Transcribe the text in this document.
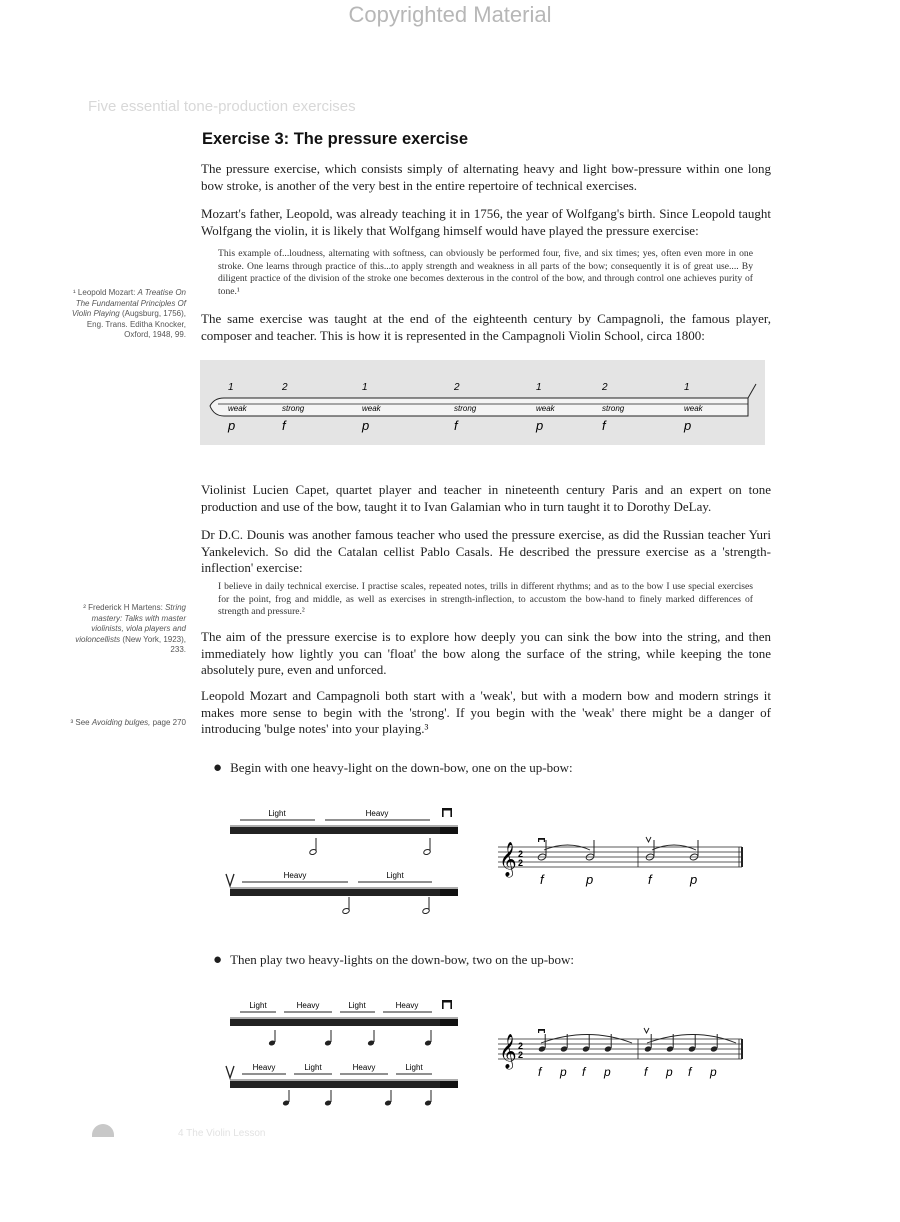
Copyrighted Material
Five essential tone-production exercises
Exercise 3: The pressure exercise
The pressure exercise, which consists simply of alternating heavy and light bow-pressure within one long bow stroke, is another of the very best in the entire repertoire of technical exercises.
Mozart's father, Leopold, was already teaching it in 1756, the year of Wolfgang's birth. Since Leopold taught Wolfgang the violin, it is likely that Wolfgang himself would have played the pressure exercise:
This example of...loudness, alternating with softness, can obviously be performed four, five, and six times; yes, often even more in one stroke. One learns through practice of this...to apply strength and weakness in all parts of the bow; consequently it is of great use.... By diligent practice of the division of the stroke one becomes dexterous in the control of the bow, and through control one achieves purity of tone.¹
The same exercise was taught at the end of the eighteenth century by Campagnoli, the famous player, composer and teacher. This is how it is represented in the Campagnoli Violin School, circa 1800:
¹ Leopold Mozart: A Treatise On The Fundamental Principles Of Violin Playing (Augsburg, 1756), Eng. Trans. Editha Knocker, Oxford, 1948, 99.
1
weak
p
2
strong
f
1
weak
p
2
strong
f
1
weak
p
2
strong
f
1
weak
p
Violinist Lucien Capet, quartet player and teacher in nineteenth century Paris and an expert on tone production and use of the bow, taught it to Ivan Galamian who in turn taught it to Dorothy DeLay.
Dr D.C. Dounis was another famous teacher who used the pressure exercise, as did the Russian teacher Yuri Yankelevich. So did the Catalan cellist Pablo Casals. He described the pressure exercise as a 'strength-inflection' exercise:
I believe in daily technical exercise. I practise scales, repeated notes, trills in different rhythms; and as to the bow I use special exercises for the point, frog and middle, as well as exercises in strength-inflection, to accustom the bow-hand to finely marked differences of strength and pressure.²
² Frederick H Martens: String mastery: Talks with master violinists, viola players and violoncellists (New York, 1923), 233.
The aim of the pressure exercise is to explore how deeply you can sink the bow into the string, and then immediately how lightly you can 'float' the bow along the surface of the string, while keeping the tone absolutely pure, even and unforced.
Leopold Mozart and Campagnoli both start with a 'weak', but with a modern bow and modern strings it makes more sense to begin with the 'strong'. If you begin with the 'weak' there might be a danger of introducing 'bulge notes' into your playing.³
³ See Avoiding bulges, page 270
● Begin with one heavy-light on the down-bow, one on the up-bow:
Light	Heavy
Heavy	Light	𝄞 2
2
f	p	f	p
● Then play two heavy-lights on the down-bow, two on the up-bow:
Light	Heavy	Light	Heavy
Heavy	Light	Heavy	Light	𝄞 2
2
f p f p	f p f p
4 The Violin Lesson
